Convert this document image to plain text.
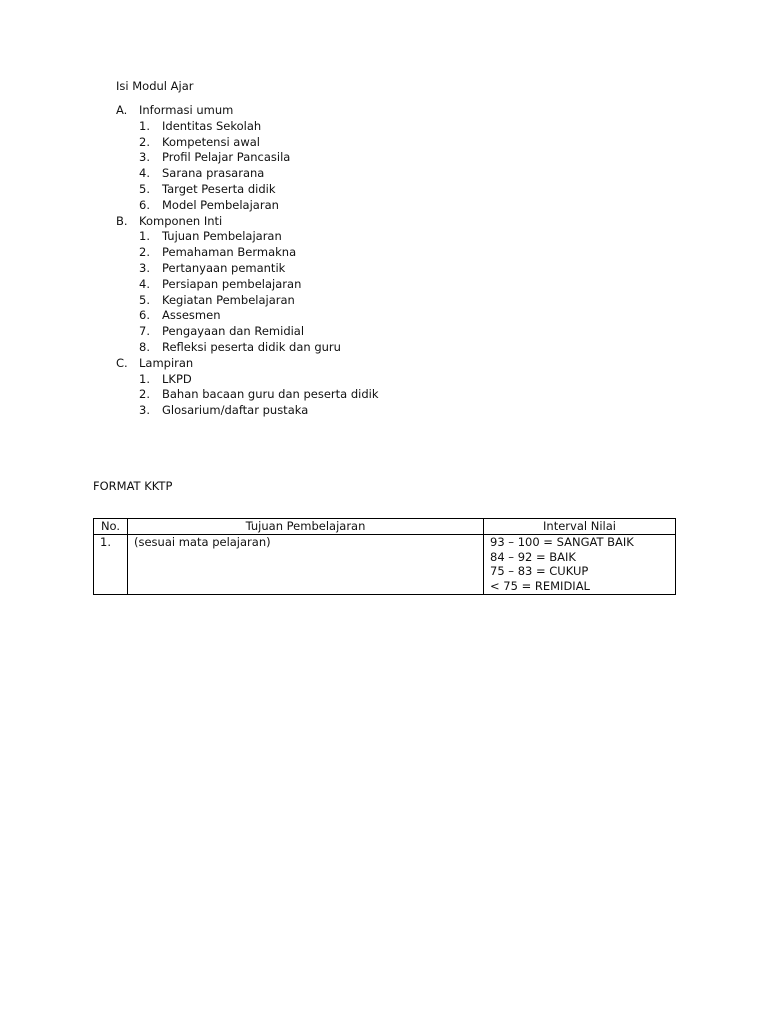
Isi Modul Ajar
A. Informasi umum
1. Identitas Sekolah
2. Kompetensi awal
3. Profil Pelajar Pancasila
4. Sarana prasarana
5. Target Peserta didik
6. Model Pembelajaran
B. Komponen Inti
1. Tujuan Pembelajaran
2. Pemahaman Bermakna
3. Pertanyaan pemantik
4. Persiapan pembelajaran
5. Kegiatan Pembelajaran
6. Assesmen
7. Pengayaan dan Remidial
8. Refleksi peserta didik dan guru
C. Lampiran
1. LKPD
2. Bahan bacaan guru dan peserta didik
3. Glosarium/daftar pustaka
FORMAT KKTP
No.	Tujuan Pembelajaran	Interval Nilai
1.	(sesuai mata pelajaran)	93 – 100 = SANGAT BAIK
84 – 92 = BAIK
75 – 83 = CUKUP
< 75 = REMIDIAL
